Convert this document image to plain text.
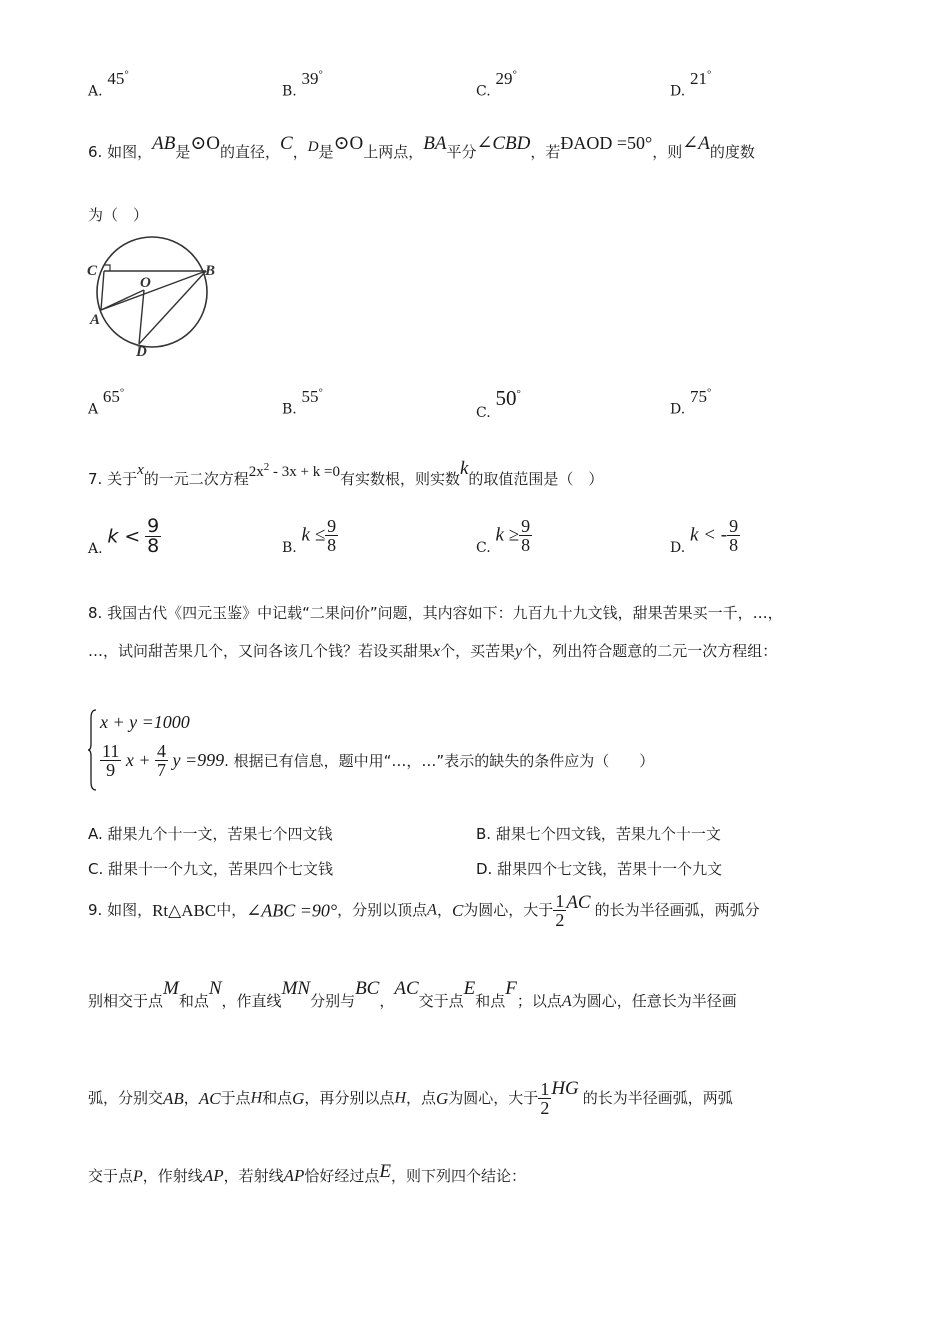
A. 45°
B. 39°
C. 29°
D. 21°
6. 如图，AB是⊙O的直径，C，D是⊙O上两点，BA平分∠CBD，若ĐAOD =50°，则∠A的度数
为（　）
C
O
B
A
D
A 65°
B. 55°
C. 50°
D. 75°
7. 关于x的一元二次方程$2x^2 - 3x + k =0$有实数根，则实数k的取值范围是（　）
A. $k < \frac{9}{8}$	B. $k \le \frac{9}{8}$	C. $k \ge \frac{9}{8}$	D. k < - $\frac{9}{8}$
8. 我国古代《四元玉鉴》中记载“二果问价”问题，其内容如下：九百九十九文钱，甜果苦果买一千，…，
…，试问甜苦果几个，又问各该几个钱？若设买甜果x个，买苦果y个，列出符合题意的二元一次方程组：
x + y =1000
$\frac{11}{9}$ $x + \frac{4}{7}$ y =999. 根据已有信息，题中用“…，…”表示的缺失的条件应为（　　）
A. 甜果九个十一文，苦果七个四文钱	B. 甜果七个四文钱，苦果九个十一文
C. 甜果十一个九文，苦果四个七文钱	D. 甜果四个七文钱，苦果十一个九文
9. 如图，Rt△ABC中，∠ABC =90°，分别以顶点A，C为圆心，大于 $\frac{1}{2}$ AC 的长为半径画弧，两弧分
别相交于点M和点N，作直线MN分别与BC，AC交于点E和点F；以点A为圆心，任意长为半径画
弧，分别交AB，AC于点H和点G，再分别以点H，点G为圆心，大于 $\frac{1}{2}$ HG 的长为半径画弧，两弧
交于点P，作射线AP，若射线AP恰好经过点E，则下列四个结论：
